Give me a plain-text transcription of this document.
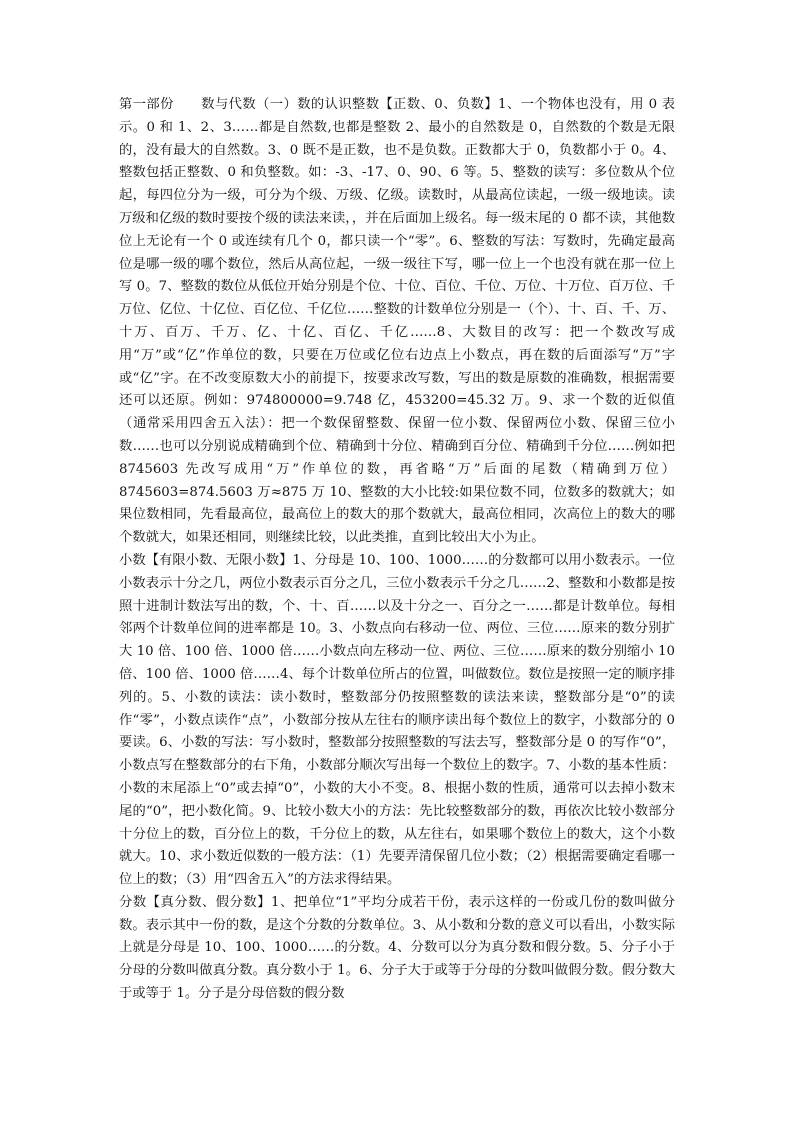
第一部份　　数与代数（一）数的认识整数【正数、0、负数】1、一个物体也没有，用 0 表示。0 和 1、2、3……都是自然数,也都是整数 2、最小的自然数是 0，自然数的个数是无限的，没有最大的自然数。3、0 既不是正数，也不是负数。正数都大于 0，负数都小于 0。4、整数包括正整数、0 和负整数。如：-3、-17、0、90、6 等。5、整数的读写：多位数从个位起，每四位分为一级，可分为个级、万级、亿级。读数时，从最高位读起，一级一级地读。读万级和亿级的数时要按个级的读法来读，，并在后面加上级名。每一级末尾的 0 都不读，其他数位上无论有一个 0 或连续有几个 0，都只读一个“零”。6、整数的写法：写数时，先确定最高位是哪一级的哪个数位，然后从高位起，一级一级往下写，哪一位上一个也没有就在那一位上写 0。7、整数的数位从低位开始分别是个位、十位、百位、千位、万位、十万位、百万位、千万位、亿位、十亿位、百亿位、千亿位……整数的计数单位分别是一（个）、十、百、千、万、十万、百万、千万、亿、十亿、百亿、千亿……8、大数目的改写：把一个数改写成用“万”或“亿”作单位的数，只要在万位或亿位右边点上小数点，再在数的后面添写“万”字或“亿”字。在不改变原数大小的前提下，按要求改写数，写出的数是原数的准确数，根据需要还可以还原。例如：974800000=9.748 亿，453200=45.32 万。9、求一个数的近似值（通常采用四舍五入法）：把一个数保留整数、保留一位小数、保留两位小数、保留三位小数……也可以分别说成精确到个位、精确到十分位、精确到百分位、精确到千分位……例如把 8745603 先改写成用“万”作单位的数，再省略“万”后面的尾数（精确到万位）8745603=874.5603 万≈875 万 10、整数的大小比较:如果位数不同，位数多的数就大；如果位数相同，先看最高位，最高位上的数大的那个数就大，最高位相同，次高位上的数大的哪个数就大，如果还相同，则继续比较，以此类推，直到比较出大小为止。

小数【有限小数、无限小数】1、分母是 10、100、1000……的分数都可以用小数表示。一位小数表示十分之几，两位小数表示百分之几，三位小数表示千分之几……2、整数和小数都是按照十进制计数法写出的数，个、十、百……以及十分之一、百分之一……都是计数单位。每相邻两个计数单位间的进率都是 10。3、小数点向右移动一位、两位、三位……原来的数分别扩大 10 倍、100 倍、1000 倍……小数点向左移动一位、两位、三位……原来的数分别缩小 10 倍、100 倍、1000 倍……4、每个计数单位所占的位置，叫做数位。数位是按照一定的顺序排列的。5、小数的读法：读小数时，整数部分仍按照整数的读法来读，整数部分是“0”的读作“零”，小数点读作“点”，小数部分按从左往右的顺序读出每个数位上的数字，小数部分的 0 要读。6、小数的写法：写小数时，整数部分按照整数的写法去写，整数部分是 0 的写作“0”，小数点写在整数部分的右下角，小数部分顺次写出每一个数位上的数字。7、小数的基本性质：小数的末尾添上“0”或去掉“0”，小数的大小不变。8、根据小数的性质，通常可以去掉小数末尾的“0”，把小数化简。9、比较小数大小的方法：先比较整数部分的数，再依次比较小数部分十分位上的数，百分位上的数，千分位上的数，从左往右，如果哪个数位上的数大，这个小数就大。10、求小数近似数的一般方法：（1）先要弄清保留几位小数；（2）根据需要确定看哪一位上的数；（3）用“四舍五入”的方法求得结果。

分数【真分数、假分数】1、把单位“1”平均分成若干份，表示这样的一份或几份的数叫做分数。表示其中一份的数，是这个分数的分数单位。3、从小数和分数的意义可以看出，小数实际上就是分母是 10、100、1000……的分数。4、分数可以分为真分数和假分数。5、分子小于分母的分数叫做真分数。真分数小于 1。6、分子大于或等于分母的分数叫做假分数。假分数大于或等于 1。分子是分母倍数的假分数
